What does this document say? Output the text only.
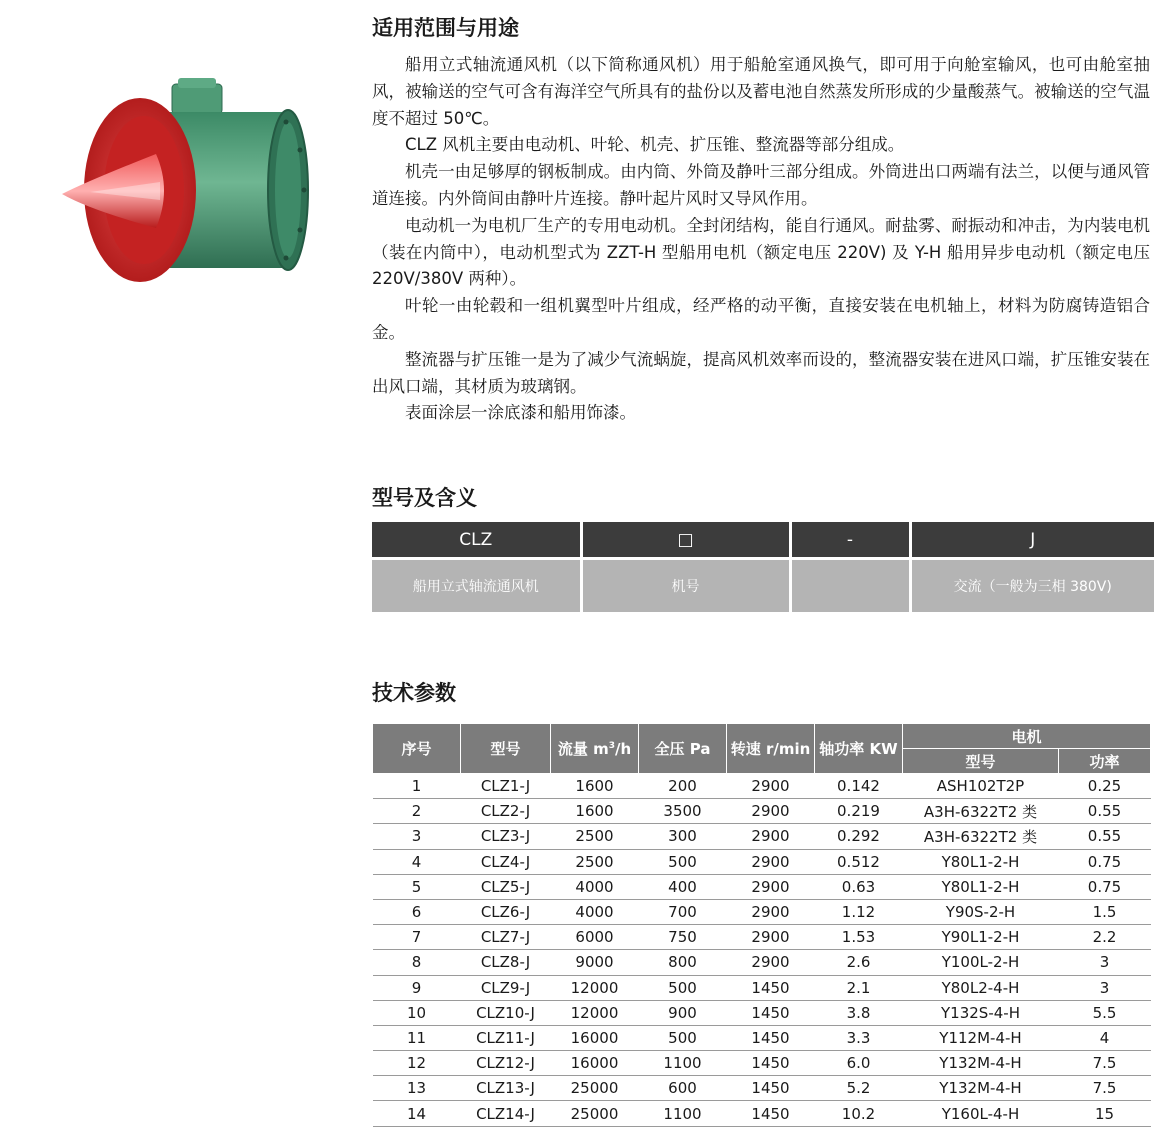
适用范围与用途

船用立式轴流通风机（以下简称通风机）用于船舱室通风换气，即可用于向舱室输风，也可由舱室抽风，被输送的空气可含有海洋空气所具有的盐份以及蓄电池自然蒸发所形成的少量酸蒸气。被输送的空气温度不超过 50℃。

CLZ 风机主要由电动机、叶轮、机壳、扩压锥、整流器等部分组成。

机壳一由足够厚的钢板制成。由内筒、外筒及静叶三部分组成。外筒进出口两端有法兰，以便与通风管道连接。内外筒间由静叶片连接。静叶起片风时又导风作用。

电动机一为电机厂生产的专用电动机。全封闭结构，能自行通风。耐盐雾、耐振动和冲击，为内装电机（装在内筒中），电动机型式为 ZZT-H 型船用电机（额定电压 220V) 及 Y-H 船用异步电动机（额定电压 220V/380V 两种）。

叶轮一由轮毂和一组机翼型叶片组成，经严格的动平衡，直接安装在电机轴上，材料为防腐铸造铝合金。

整流器与扩压锥一是为了减少气流蜗旋，提高风机效率而设的，整流器安装在进风口端，扩压锥安装在出风口端，其材质为玻璃钢。

表面涂层一涂底漆和船用饰漆。

型号及含义
CLZ	□	-	J
船用立式轴流通风机	机号		交流（一般为三相 380V)
技术参数
序号	型号	流量 $m^3/h$	全压 Pa	转速 r/min	轴功率 KW	电机	
						型号	功率
1	CLZ1-J	1600	200	2900	0.142	ASH102T2P	0.25
2	CLZ2-J	1600	3500	2900	0.219	A3H-6322T2 类	0.55
3	CLZ3-J	2500	300	2900	0.292	A3H-6322T2 类	0.55
4	CLZ4-J	2500	500	2900	0.512	Y80L1-2-H	0.75
5	CLZ5-J	4000	400	2900	0.63	Y80L1-2-H	0.75
6	CLZ6-J	4000	700	2900	1.12	Y90S-2-H	1.5
7	CLZ7-J	6000	750	2900	1.53	Y90L1-2-H	2.2
8	CLZ8-J	9000	800	2900	2.6	Y100L-2-H	3
9	CLZ9-J	12000	500	1450	2.1	Y80L2-4-H	3
10	CLZ10-J	12000	900	1450	3.8	Y132S-4-H	5.5
11	CLZ11-J	16000	500	1450	3.3	Y112M-4-H	4
12	CLZ12-J	16000	1100	1450	6.0	Y132M-4-H	7.5
13	CLZ13-J	25000	600	1450	5.2	Y132M-4-H	7.5
14	CLZ14-J	25000	1100	1450	10.2	Y160L-4-H	15
